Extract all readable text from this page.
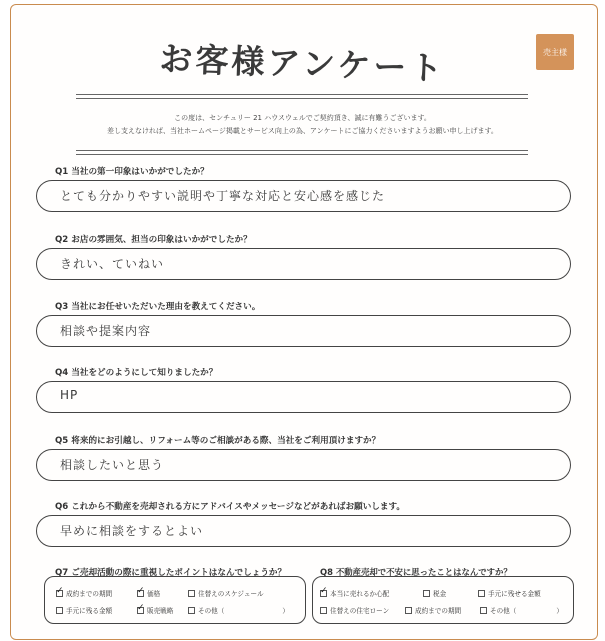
お客様アンケート	売主様
この度は、センチュリー 21 ハウスウェルでご契約頂き、誠に有難うございます。
差し支えなければ、当社ホームページ掲載とサービス向上の為、アンケートにご協力くださいますようお願い申し上げます。
Q1 当社の第一印象はいかがでしたか？
とても分かりやすい説明や丁寧な対応と安心感を感じた
Q2 お店の雰囲気、担当の印象はいかがでしたか？
きれい、ていねい
Q3 当社にお任せいただいた理由を教えてください。
相談や提案内容
Q4 当社をどのようにして知りましたか？
HP
Q5 将来的にお引越し、リフォーム等のご相談がある際、当社をご利用頂けますか？
相談したいと思う
Q6 これから不動産を売却される方にアドバイスやメッセージなどがあればお願いします。
早めに相談をするとよい
Q7 ご売却活動の際に重視したポイントはなんでしょうか？
✓成約までの期間 ✓	価格	住替えのスケジュール
手元に残る金額 ✓	販売戦略	その他（	）
Q8 不動産売却で不安に思ったことはなんですか？
✓本当に売れるか心配	税金	手元に残せる金額
住替えの住宅ローン	成約までの期間	その他（	）
